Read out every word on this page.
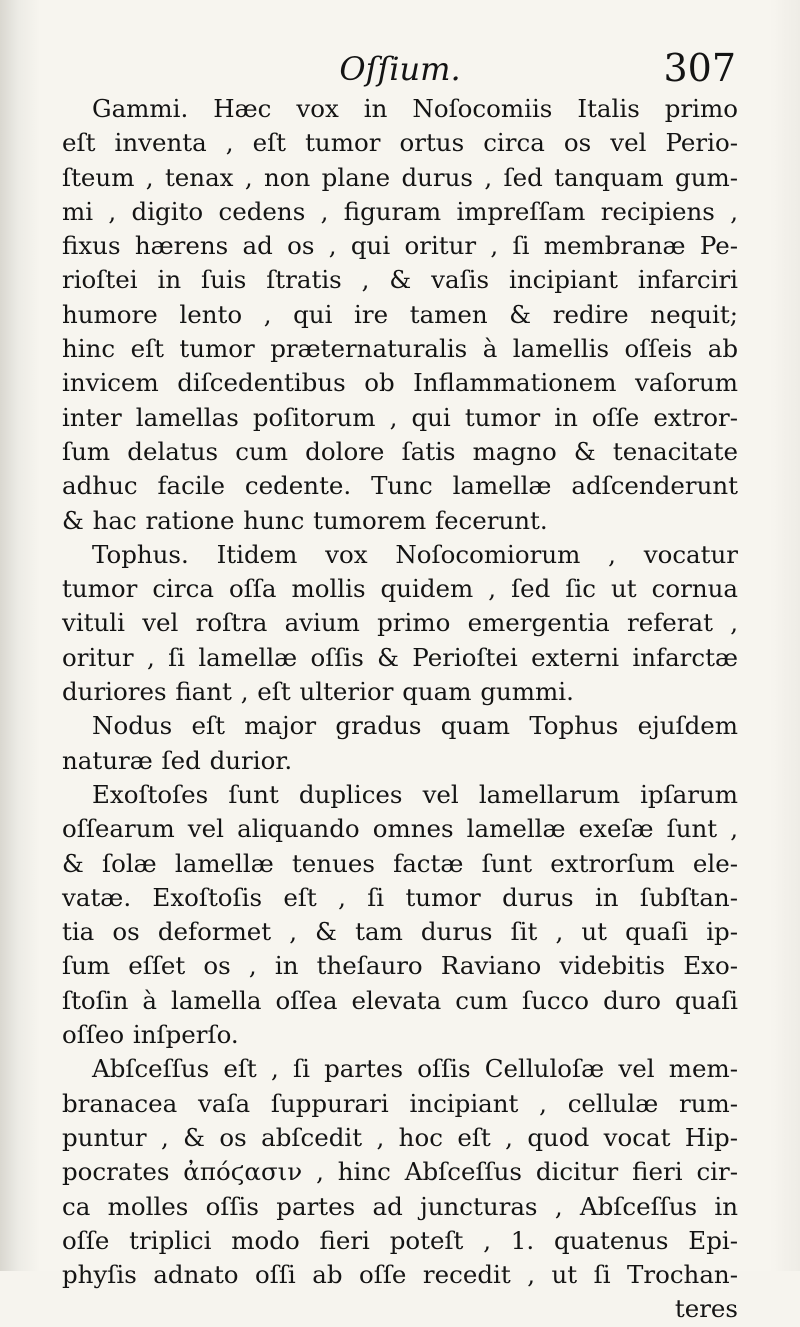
Oſſium.	307
Gammi. Hæc vox in Noſocomiis Italis primo
eſt inventa , eſt tumor ortus circa os vel Perio-
ſteum , tenax , non plane durus , ſed tanquam gum-
mi , digito cedens , figuram impreſſam recipiens ,
fixus hærens ad os , qui oritur , ſi membranæ Pe-
rioſtei in ſuis ſtratis , & vaſis incipiant infarciri
humore lento , qui ire tamen & redire nequit;
hinc eſt tumor præternaturalis à lamellis oſſeis ab
invicem diſcedentibus ob Inflammationem vaſorum
inter lamellas poſitorum , qui tumor in oſſe extror-
ſum delatus cum dolore ſatis magno & tenacitate
adhuc facile cedente. Tunc lamellæ adſcenderunt
& hac ratione hunc tumorem fecerunt.
Tophus. Itidem vox Noſocomiorum , vocatur
tumor circa oſſa mollis quidem , ſed ſic ut cornua
vituli vel roſtra avium primo emergentia referat ,
oritur , ſi lamellæ oſſis & Perioſtei externi infarctæ
duriores fiant , eſt ulterior quam gummi.
Nodus eſt major gradus quam Tophus ejuſdem
naturæ ſed durior.
Exoſtoſes ſunt duplices vel lamellarum ipſarum
oſſearum vel aliquando omnes lamellæ exeſæ ſunt ,
& ſolæ lamellæ tenues factæ ſunt extrorſum ele-
vatæ. Exoſtoſis eſt , ſi tumor durus in ſubſtan-
tia os deformet , & tam durus ſit , ut quaſi ip-
ſum eſſet os , in theſauro Raviano videbitis Exo-
ſtoſin à lamella oſſea elevata cum ſucco duro quaſi
oſſeo inſperſo.
Abſceſſus eſt , ſi partes oſſis Celluloſæ vel mem-
branacea vaſa ſuppurari incipiant , cellulæ rum-
puntur , & os abſcedit , hoc eſt , quod vocat Hip-
pocrates ἀπόϛασιν , hinc Abſceſſus dicitur fieri cir-
ca molles oſſis partes ad juncturas , Abſceſſus in
oſſe triplici modo fieri poteſt , 1. quatenus Epi-
phyſis adnato oſſi ab oſſe recedit , ut ſi Trochan-
teres
